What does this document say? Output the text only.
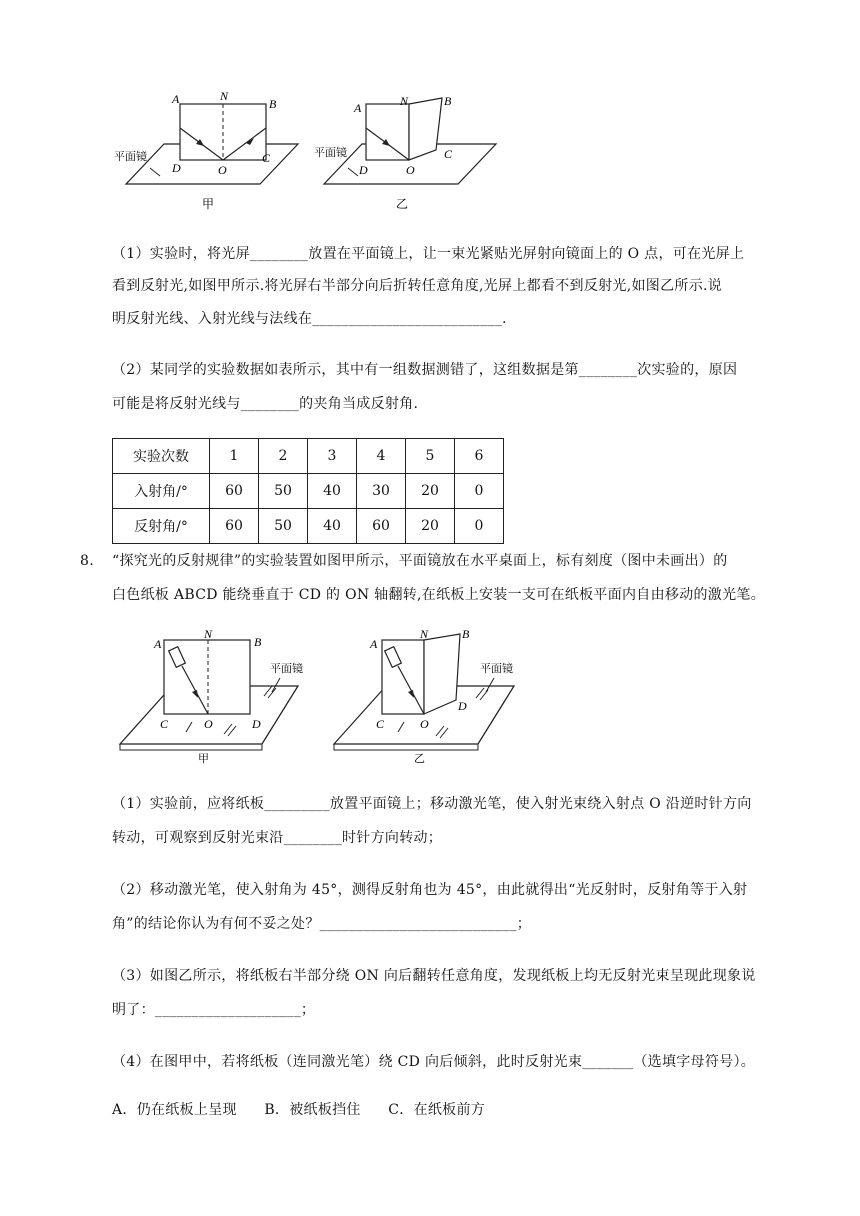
A	N
B
D	O
C
平面镜
甲
A	N	B
D	O
C
平面镜
乙
（1）实验时，将光屏________放置在平面镜上，让一束光紧贴光屏射向镜面上的 O 点，可在光屏上
看到反射光,如图甲所示.将光屏右半部分向后折转任意角度,光屏上都看不到反射光,如图乙所示.说
明反射光线、入射光线与法线在__________________________.
（2）某同学的实验数据如表所示，其中有一组数据测错了，这组数据是第________次实验的，原因
可能是将反射光线与________的夹角当成反射角.
实验次数	1	2	3	4	5	6
入射角/°	60	50	40	30	20	0
反射角/°	60	50	40	60	20	0
8. “探究光的反射规律”的实验装置如图甲所示，平面镜放在水平桌面上，标有刻度（图中未画出）的
白色纸板 ABCD 能绕垂直于 CD 的 ON 轴翻转,在纸板上安装一支可在纸板平面内自由移动的激光笔。
A
N
B
C	O	D
平面镜
甲
A
N	B
C	O
D
平面镜
乙
（1）实验前，应将纸板_________放置平面镜上；移动激光笔，使入射光束绕入射点 O 沿逆时针方向
转动，可观察到反射光束沿________时针方向转动；
（2）移动激光笔，使入射角为 45°，测得反射角也为 45°，由此就得出“光反射时，反射角等于入射
角”的结论你认为有何不妥之处？___________________________；
（3）如图乙所示，将纸板右半部分绕 ON 向后翻转任意角度，发现纸板上均无反射光束呈现此现象说
明了：____________________；
（4）在图甲中，若将纸板（连同激光笔）绕 CD 向后倾斜，此时反射光束_______（选填字母符号）。
A．仍在纸板上呈现 B．被纸板挡住 C．在纸板前方
